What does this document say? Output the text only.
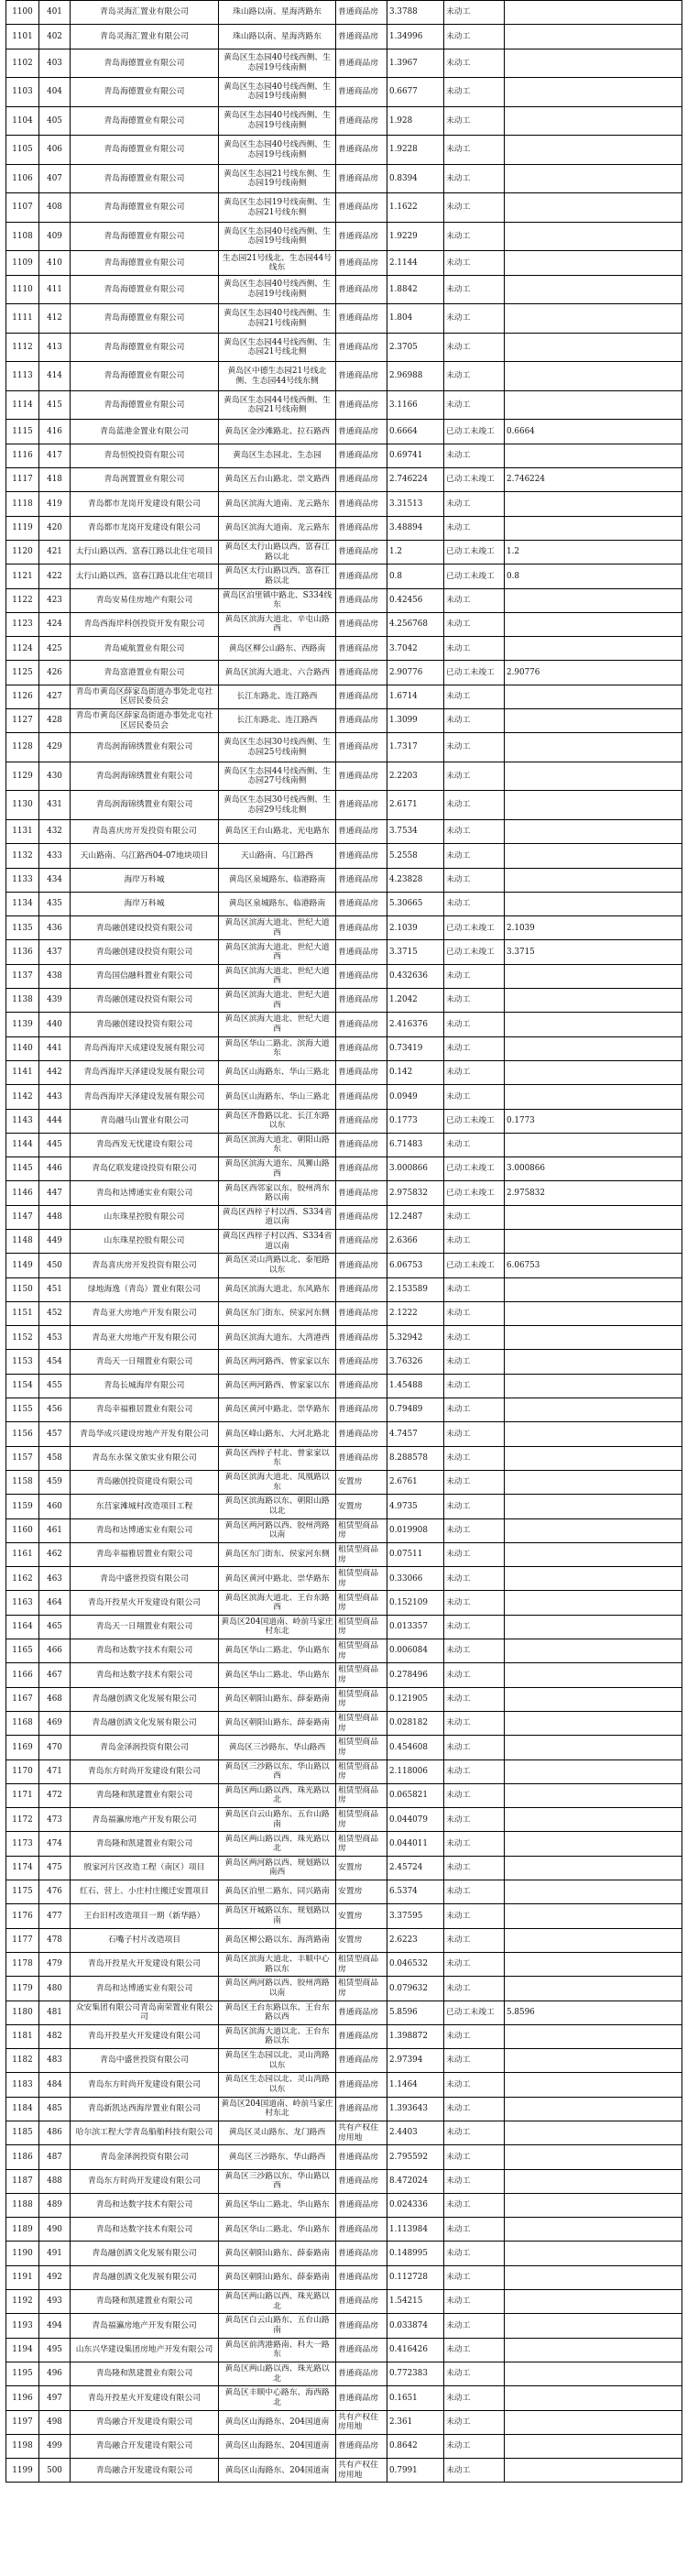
1100	401	青岛灵海汇置业有限公司	珠山路以南、星海湾路东	普通商品房	3.3788	未动工	
1101	402	青岛灵海汇置业有限公司	珠山路以南、星海湾路东	普通商品房	1.34996	未动工	
1102	403	青岛海德置业有限公司	黄岛区生态园40号线西侧、生态园19号线南侧	普通商品房	1.3967	未动工	
1103	404	青岛海德置业有限公司	黄岛区生态园40号线西侧、生态园19号线南侧	普通商品房	0.6677	未动工	
1104	405	青岛海德置业有限公司	黄岛区生态园40号线西侧、生态园19号线南侧	普通商品房	1.928	未动工	
1105	406	青岛海德置业有限公司	黄岛区生态园40号线西侧、生态园19号线南侧	普通商品房	1.9228	未动工	
1106	407	青岛海德置业有限公司	黄岛区生态园21号线东侧、生态园19号线南侧	普通商品房	0.8394	未动工	
1107	408	青岛海德置业有限公司	黄岛区生态园19号线南侧、生态园21号线东侧	普通商品房	1.1622	未动工	
1108	409	青岛海德置业有限公司	黄岛区生态园40号线西侧、生态园19号线南侧	普通商品房	1.9229	未动工	
1109	410	青岛海德置业有限公司	生态园21号线北、生态园44号线东	普通商品房	2.1144	未动工	
1110	411	青岛海德置业有限公司	黄岛区生态园40号线西侧、生态园19号线南侧	普通商品房	1.8842	未动工	
1111	412	青岛海德置业有限公司	黄岛区生态园40号线西侧、生态园21号线南侧	普通商品房	1.804	未动工	
1112	413	青岛海德置业有限公司	黄岛区生态园44号线西侧、生态园21号线北侧	普通商品房	2.3705	未动工	
1113	414	青岛海德置业有限公司	黄岛区中德生态园21号线北侧、生态园44号线东侧	普通商品房	2.96988	未动工	
1114	415	青岛海德置业有限公司	黄岛区生态园44号线西侧、生态园21号线南侧	普通商品房	3.1166	未动工	
1115	416	青岛蓝港金置业有限公司	黄岛区金沙滩路北、拉石路西	普通商品房	0.6664	已动工未竣工	0.6664
1116	417	青岛恒悦投资有限公司	黄岛区生态园北、生态园	普通商品房	0.69741	未动工	
1117	418	青岛润置置业有限公司	黄岛区五台山路北、崇文路西	普通商品房	2.746224	已动工未竣工	2.746224
1118	419	青岛都市龙岗开发建设有限公司	黄岛区滨海大道南、龙云路东	普通商品房	3.31513	未动工	
1119	420	青岛都市龙岗开发建设有限公司	黄岛区滨海大道南、龙云路东	普通商品房	3.48894	未动工	
1120	421	太行山路以西、富春江路以北住宅项目	黄岛区太行山路以西、富春江路以北	普通商品房	1.2	已动工未竣工	1.2
1121	422	太行山路以西、富春江路以北住宅项目	黄岛区太行山路以西、富春江路以北	普通商品房	0.8	已动工未竣工	0.8
1122	423	青岛安易佳房地产有限公司	黄岛区泊里镇中路北、S334线东	普通商品房	0.42456	未动工	
1123	424	青岛西海岸科创投资开发有限公司	黄岛区滨海大道北、辛屯山路西	普通商品房	4.256768	未动工	
1124	425	青岛威航置业有限公司	黄岛区柳公山路东、西路南	普通商品房	3.7042	未动工	
1125	426	青岛富港置业有限公司	黄岛区滨海大道北、六合路西	普通商品房	2.90776	已动工未竣工	2.90776
1126	427	青岛市黄岛区薛家岛街道办事处北屯社区居民委员会	长江东路北、连江路西	普通商品房	1.6714	未动工	
1127	428	青岛市黄岛区薛家岛街道办事处北屯社区居民委员会	长江东路北、连江路西	普通商品房	1.3099	未动工	
1128	429	青岛润海锦绣置业有限公司	黄岛区生态园30号线西侧、生态园25号线南侧	普通商品房	1.7317	未动工	
1129	430	青岛润海锦绣置业有限公司	黄岛区生态园44号线西侧、生态园27号线南侧	普通商品房	2.2203	未动工	
1130	431	青岛润海锦绣置业有限公司	黄岛区生态园30号线西侧、生态园29号线北侧	普通商品房	2.6171	未动工	
1131	432	青岛喜庆房开发投资有限公司	黄岛区王台山路北、光电路东	普通商品房	3.7534	未动工	
1132	433	天山路南、乌江路西04-07地块项目	天山路南、乌江路西	普通商品房	5.2558	未动工	
1133	434	海岸万科城	黄岛区泉城路东、临港路南	普通商品房	4.23828	未动工	
1134	435	海岸万科城	黄岛区泉城路东、临港路南	普通商品房	5.30665	未动工	
1135	436	青岛融创建设投资有限公司	黄岛区滨海大道北、世纪大道西	普通商品房	2.1039	已动工未竣工	2.1039
1136	437	青岛融创建设投资有限公司	黄岛区滨海大道北、世纪大道西	普通商品房	3.3715	已动工未竣工	3.3715
1137	438	青岛国信融科置业有限公司	黄岛区滨海大道北、世纪大道西	普通商品房	0.432636	未动工	
1138	439	青岛融创建设投资有限公司	黄岛区滨海大道北、世纪大道西	普通商品房	1.2042	未动工	
1139	440	青岛融创建设投资有限公司	黄岛区滨海大道北、世纪大道西	普通商品房	2.416376	未动工	
1140	441	青岛西海岸天成建设发展有限公司	黄岛区华山二路北、滨海大道东	普通商品房	0.73419	未动工	
1141	442	青岛西海岸天泽建设发展有限公司	黄岛区山海路东、华山三路北	普通商品房	0.142	未动工	
1142	443	青岛西海岸天泽建设发展有限公司	黄岛区山海路东、华山三路北	普通商品房	0.0949	未动工	
1143	444	青岛融马山置业有限公司	黄岛区齐鲁路以北、长江东路以东	普通商品房	0.1773	已动工未竣工	0.1773
1144	445	青岛西发无忧建设有限公司	黄岛区滨海大道北、朝阳山路东	普通商品房	6.71483	未动工	
1145	446	青岛亿联发建设投资有限公司	黄岛区滨海大道东、凤狮山路西	普通商品房	3.000866	已动工未竣工	3.000866
1146	447	青岛和达博通实业有限公司	黄岛区西邻家以东、胶州湾东路以南	普通商品房	2.975832	已动工未竣工	2.975832
1147	448	山东珠星控股有限公司	黄岛区西梓子村以西、S334省道以南	普通商品房	12.2487	未动工	
1148	449	山东珠星控股有限公司	黄岛区西梓子村以西、S334省道以南	普通商品房	2.6366	未动工	
1149	450	青岛喜庆房开发投资有限公司	黄岛区灵山湾路以北、泰旭路以东	普通商品房	6.06753	已动工未竣工	6.06753
1150	451	绿地海逸（青岛）置业有限公司	黄岛区滨海大道北、东风路东	普通商品房	2.153589	未动工	
1151	452	青岛亚大房地产开发有限公司	黄岛区东门街东、侯家河东侧	普通商品房	2.1222	未动工	
1152	453	青岛亚大房地产开发有限公司	黄岛区滨海大道东、大湾港西	普通商品房	5.32942	未动工	
1153	454	青岛天一日翔置业有限公司	黄岛区两河路西、曾家家以东	普通商品房	3.76326	未动工	
1154	455	青岛长城海岸有限公司	黄岛区两河路西、曾家家以东	普通商品房	1.45488	未动工	
1155	456	青岛幸福雅居置业有限公司	黄岛区黄河中路北、崇华路东	普通商品房	0.79489	未动工	
1156	457	青岛华成兴建设房地产开发有限公司	黄岛区峰山路东、大河北路北	普通商品房	4.7457	未动工	
1157	458	青岛东永保文旅实业有限公司	黄岛区西梓子村北、曾家家以东	普通商品房	8.288578	未动工	
1158	459	青岛融创投资建设有限公司	黄岛区滨海大道北、凤凰路以东	安置房	2.6761	未动工	
1159	460	东莒家滩城村改造项目工程	黄岛区滨海路以东、朝阳山路以北	安置房	4.9735	未动工	
1160	461	青岛和达博通实业有限公司	黄岛区两河路以西、胶州湾路以南	租赁型商品房	0.019908	未动工	
1161	462	青岛幸福雅居置业有限公司	黄岛区东门街东、侯家河东侧	租赁型商品房	0.07511	未动工	
1162	463	青岛中盛世投资有限公司	黄岛区黄河中路北、崇华路东	租赁型商品房	0.33066	未动工	
1163	464	青岛开投星火开发建设有限公司	黄岛区滨海大道北、王台东路西	租赁型商品房	0.152109	未动工	
1164	465	青岛天一日翔置业有限公司	黄岛区204国道南、岭前马家庄村东北	租赁型商品房	0.013357	未动工	
1165	466	青岛和达数字技术有限公司	黄岛区华山二路北、华山路东	租赁型商品房	0.006084	未动工	
1166	467	青岛和达数字技术有限公司	黄岛区华山二路北、华山路东	租赁型商品房	0.278496	未动工	
1167	468	青岛融创酒文化发展有限公司	黄岛区朝阳山路东、薛泰路南	租赁型商品房	0.121905	未动工	
1168	469	青岛融创酒文化发展有限公司	黄岛区朝阳山路东、薛泰路南	租赁型商品房	0.028182	未动工	
1169	470	青岛金泽润投资有限公司	黄岛区三沙路东、华山路西	租赁型商品房	0.454608	未动工	
1170	471	青岛东方时尚开发建设有限公司	黄岛区三沙路以东、华山路以西	租赁型商品房	2.118006	未动工	
1171	472	青岛隆和凯建置业有限公司	黄岛区两山路以西、珠光路以北	租赁型商品房	0.065821	未动工	
1172	473	青岛福瀛房地产开发有限公司	黄岛区白云山路东、五台山路南	租赁型商品房	0.044079	未动工	
1173	474	青岛隆和凯建置业有限公司	黄岛区两山路以西、珠光路以北	租赁型商品房	0.044011	未动工	
1174	475	殷家河片区改造工程（南区）项目	黄岛区两河路以西、规划路以南西	安置房	2.45724	未动工	
1175	476	红石、营上、小庄村庄搬迁安置项目	黄岛区泊里二路东、同兴路南	安置房	6.5374	未动工	
1176	477	王台旧村改造项目一期（新华路）	黄岛区开城路以东、规划路以南	安置房	3.37595	未动工	
1177	478	石嘴子村片改造项目	黄岛区柳公路以东、海湾路南	安置房	2.6223	未动工	
1178	479	青岛开投星火开发建设有限公司	黄岛区滨海大道北、丰顺中心路以东	租赁型商品房	0.046532	未动工	
1179	480	青岛和达博通实业有限公司	黄岛区两河路以西、胶州湾路以南	租赁型商品房	0.079632	未动工	
1180	481	众安集团有限公司青岛南荣置业有限公司	黄岛区王台东路以东、王台东路以西	普通商品房	5.8596	已动工未竣工	5.8596
1181	482	青岛开投星火开发建设有限公司	黄岛区滨海大道以北、王台东路以东	普通商品房	1.398872	未动工	
1182	483	青岛中盛世投资有限公司	黄岛区生态园以北、灵山湾路以东	普通商品房	2.97394	未动工	
1183	484	青岛东方时尚开发建设有限公司	黄岛区生态园以北、灵山湾路以东	普通商品房	1.1464	未动工	
1184	485	青岛新凯达西海岸置业有限公司	黄岛区204国道南、岭前马家庄村东北	普通商品房	1.393643	未动工	
1185	486	哈尔滨工程大学青岛船舶科技有限公司	黄岛区灵山路东、龙门路西	共有产权住房用地	2.4403	未动工	
1186	487	青岛金泽润投资有限公司	黄岛区三沙路东、华山路西	普通商品房	2.795592	未动工	
1187	488	青岛东方时尚开发建设有限公司	黄岛区三沙路以东、华山路以西	普通商品房	8.472024	未动工	
1188	489	青岛和达数字技术有限公司	黄岛区华山二路北、华山路东	普通商品房	0.024336	未动工	
1189	490	青岛和达数字技术有限公司	黄岛区华山二路北、华山路东	普通商品房	1.113984	未动工	
1190	491	青岛融创酒文化发展有限公司	黄岛区朝阳山路东、薛泰路南	普通商品房	0.148995	未动工	
1191	492	青岛融创酒文化发展有限公司	黄岛区朝阳山路东、薛泰路南	普通商品房	0.112728	未动工	
1192	493	青岛隆和凯建置业有限公司	黄岛区两山路以西、珠光路以北	普通商品房	1.54215	未动工	
1193	494	青岛福瀛房地产开发有限公司	黄岛区白云山路东、五台山路南	普通商品房	0.033874	未动工	
1194	495	山东兴华建设集团房地产开发有限公司	黄岛区前湾港路南、科大一路东	普通商品房	0.416426	未动工	
1195	496	青岛隆和凯建置业有限公司	黄岛区两山路以西、珠光路以北	普通商品房	0.772383	未动工	
1196	497	青岛开投星火开发建设有限公司	黄岛区丰顺中心路东、海西路北	普通商品房	0.1651	未动工	
1197	498	青岛融合开发建设有限公司	黄岛区山海路东、204国道南	共有产权住房用地	2.361	未动工	
1198	499	青岛融合开发建设有限公司	黄岛区山海路东、204国道南	普通商品房	0.8642	未动工	
1199	500	青岛融合开发建设有限公司	黄岛区山海路东、204国道南	共有产权住房用地	0.7991	未动工	
